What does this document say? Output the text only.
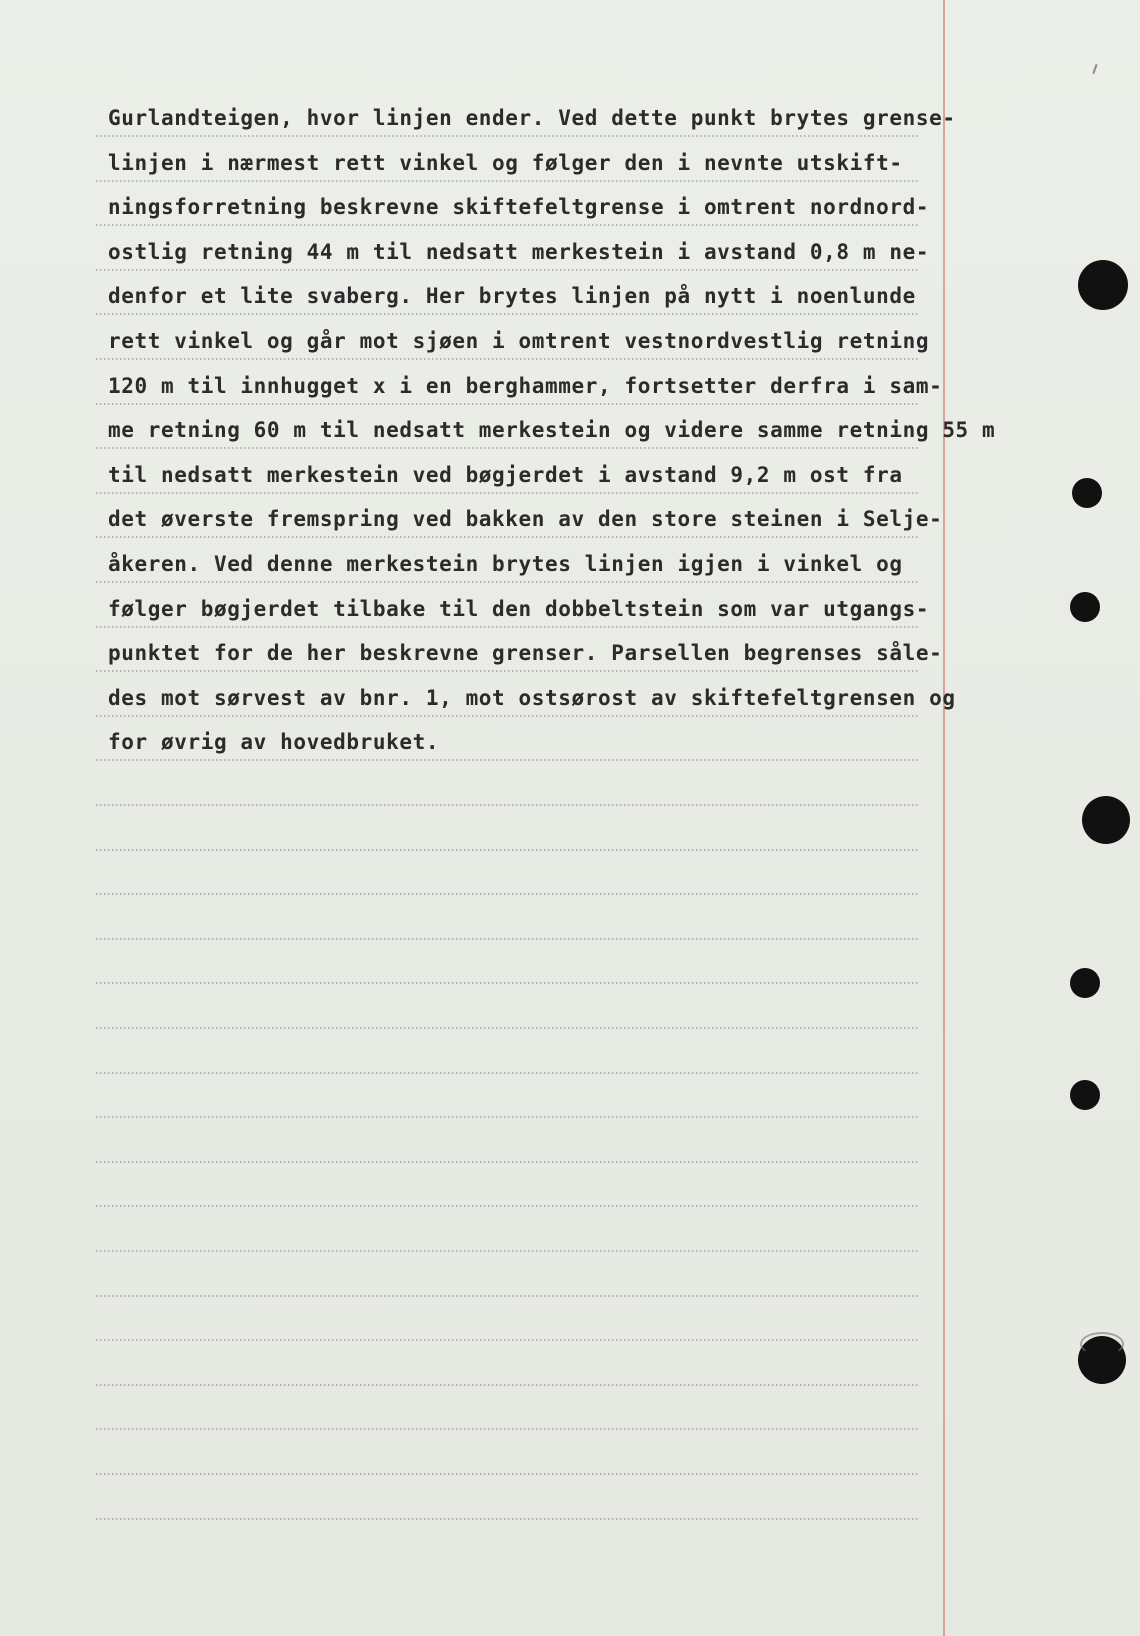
Gurlandteigen, hvor linjen ender. Ved dette punkt brytes grense-
linjen i nærmest rett vinkel og følger den i nevnte utskift-
ningsforretning beskrevne skiftefeltgrense i omtrent nordnord-
ostlig retning 44 m til nedsatt merkestein i avstand 0,8 m ne-
denfor et lite svaberg. Her brytes linjen på nytt i noenlunde
rett vinkel og går mot sjøen i omtrent vestnordvestlig retning
120 m til innhugget x i en berghammer, fortsetter derfra i sam-
me retning 60 m til nedsatt merkestein og videre samme retning 55 m
til nedsatt merkestein ved bøgjerdet i avstand 9,2 m ost fra
det øverste fremspring ved bakken av den store steinen i Selje-
åkeren. Ved denne merkestein brytes linjen igjen i vinkel og
følger bøgjerdet tilbake til den dobbeltstein som var utgangs-
punktet for de her beskrevne grenser. Parsellen begrenses såle-
des mot sørvest av bnr. 1, mot ostsørost av skiftefeltgrensen og
for øvrig av hovedbruket.
